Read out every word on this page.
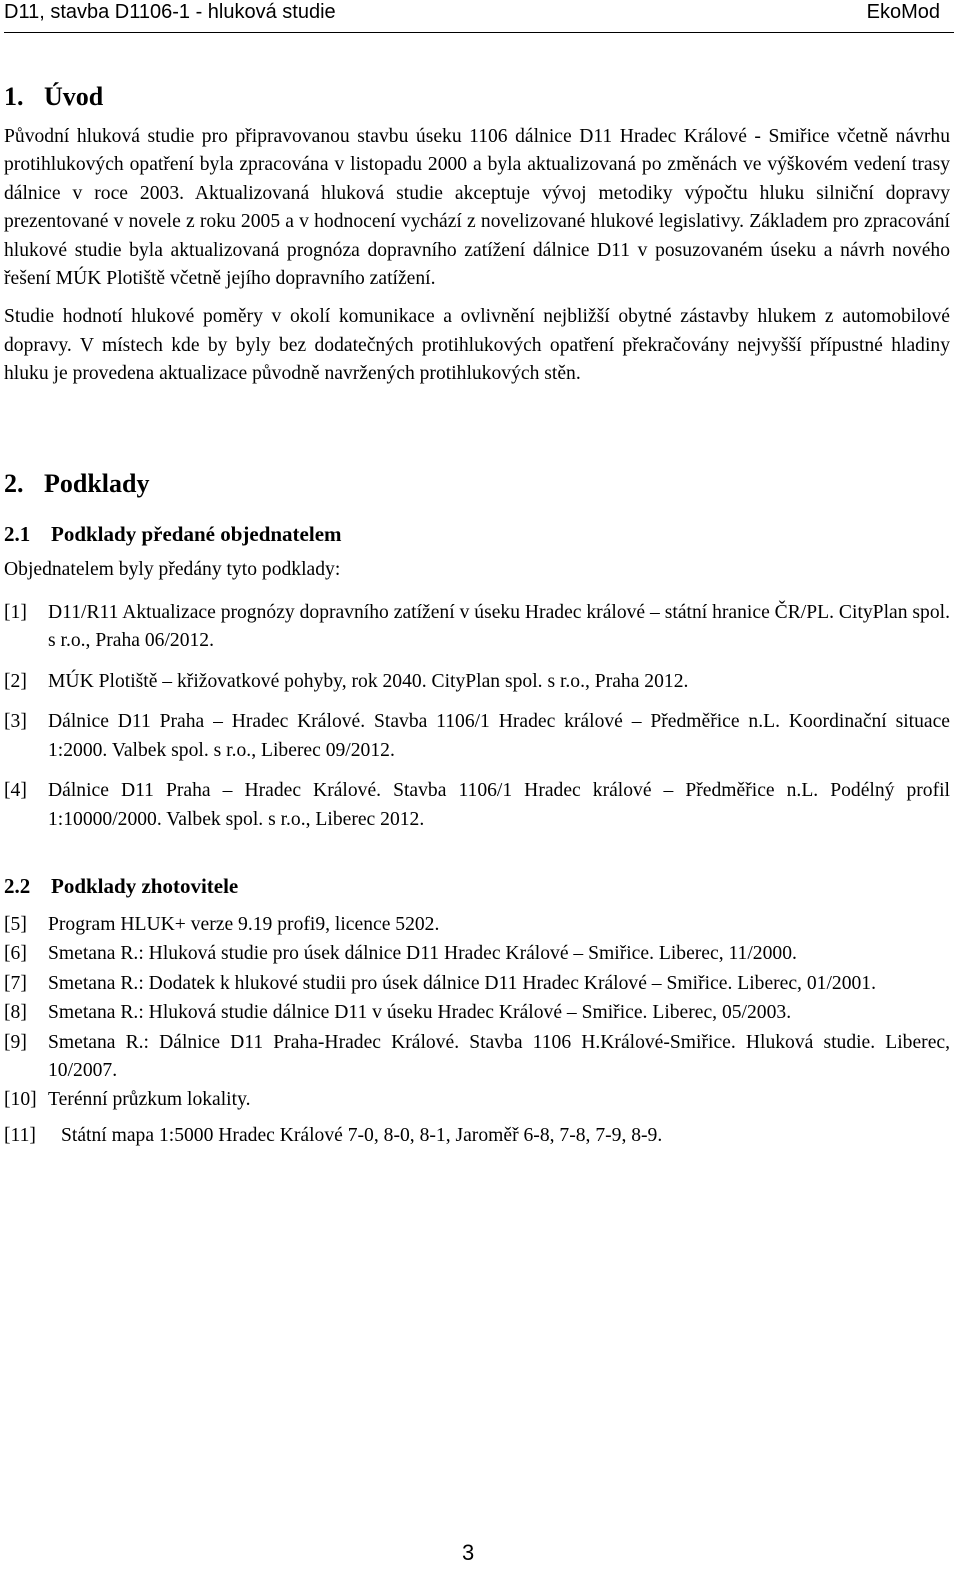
D11, stavba D1106-1 - hluková studie	EkoMod
1. Úvod

Původní hluková studie pro připravovanou stavbu úseku 1106 dálnice D11 Hradec Králové - Smiřice včetně návrhu protihlukových opatření byla zpracována v listopadu 2000 a byla aktualizovaná po změnách ve výškovém vedení trasy dálnice v roce 2003. Aktualizovaná hluková studie akceptuje vývoj metodiky výpočtu hluku silniční dopravy prezentované v novele z roku 2005 a v hodnocení vychází z novelizované hlukové legislativy. Základem pro zpracování hlukové studie byla aktualizovaná prognóza dopravního zatížení dálnice D11 v posuzovaném úseku a návrh nového řešení MÚK Plotiště včetně jejího dopravního zatížení.

Studie hodnotí hlukové poměry v okolí komunikace a ovlivnění nejbližší obytné zástavby hlukem z automobilové dopravy. V místech kde by byly bez dodatečných protihlukových opatření překračovány nejvyšší přípustné hladiny hluku je provedena aktualizace původně navržených protihlukových stěn.

2. Podklady
2.1 Podklady předané objednatelem

Objednatelem byly předány tyto podklady:

[1] D11/R11 Aktualizace prognózy dopravního zatížení v úseku Hradec králové – státní hranice ČR/PL. CityPlan spol. s r.o., Praha 06/2012.
[2] MÚK Plotiště – křižovatkové pohyby, rok 2040. CityPlan spol. s r.o., Praha 2012.
[3] Dálnice D11 Praha – Hradec Králové. Stavba 1106/1 Hradec králové – Předměřice n.L. Koordinační situace 1:2000. Valbek spol. s r.o., Liberec 09/2012.
[4] Dálnice D11 Praha – Hradec Králové. Stavba 1106/1 Hradec králové – Předměřice n.L. Podélný profil 1:10000/2000. Valbek spol. s r.o., Liberec 2012.
2.2 Podklady zhotovitele
[5] Program HLUK+ verze 9.19 profi9, licence 5202.
[6] Smetana R.: Hluková studie pro úsek dálnice D11 Hradec Králové – Smiřice. Liberec, 11/2000.
[7] Smetana R.: Dodatek k hlukové studii pro úsek dálnice D11 Hradec Králové – Smiřice. Liberec, 01/2001.
[8] Smetana R.: Hluková studie dálnice D11 v úseku Hradec Králové – Smiřice. Liberec, 05/2003.
[9] Smetana R.: Dálnice D11 Praha-Hradec Králové. Stavba 1106 H.Králové-Smiřice. Hluková studie. Liberec, 10/2007.
[10] Terénní průzkum lokality.
[11] Státní mapa 1:5000 Hradec Králové 7-0, 8-0, 8-1, Jaroměř 6-8, 7-8, 7-9, 8-9.
3
